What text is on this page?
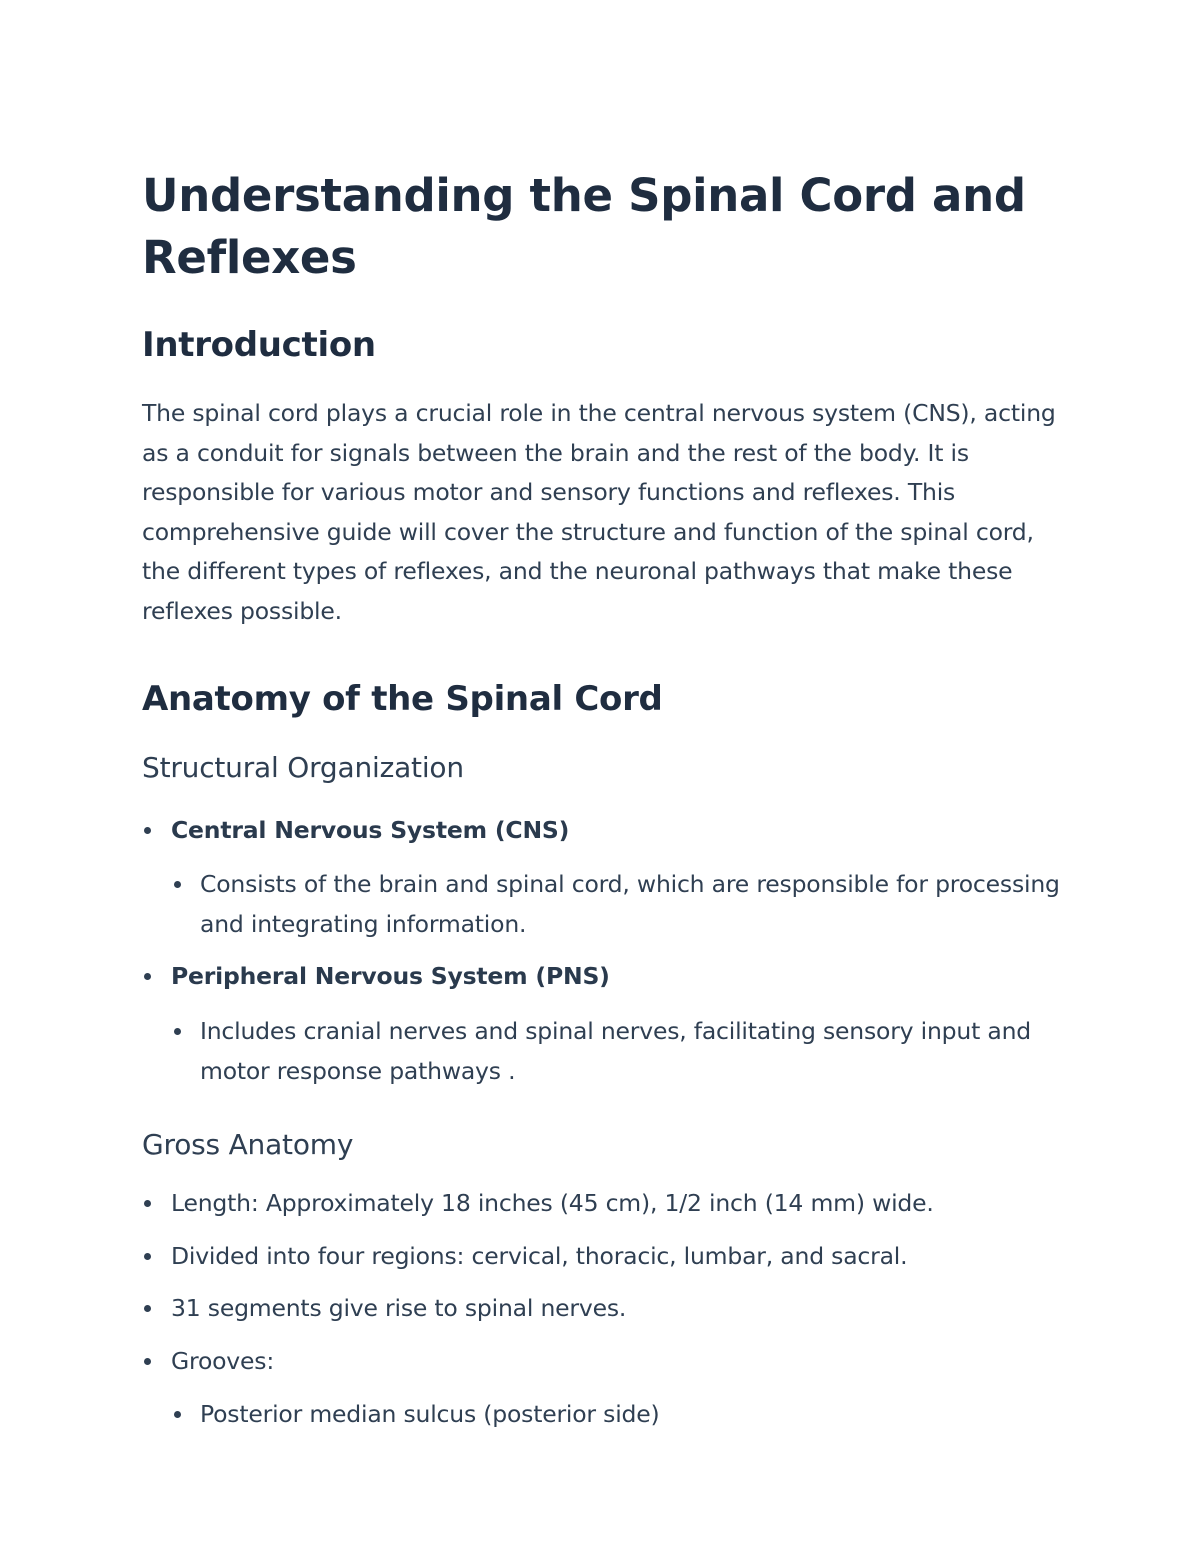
Understanding the Spinal Cord and Reflexes
Introduction

The spinal cord plays a crucial role in the central nervous system (CNS), acting as a conduit for signals between the brain and the rest of the body. It is responsible for various motor and sensory functions and reflexes. This comprehensive guide will cover the structure and function of the spinal cord, the different types of reflexes, and the neuronal pathways that make these reflexes possible.

Anatomy of the Spinal Cord
Structural Organization
Central Nervous System (CNS)
Consists of the brain and spinal cord, which are responsible for processing and integrating information.
Peripheral Nervous System (PNS)
Includes cranial nerves and spinal nerves, facilitating sensory input and motor response pathways .
Gross Anatomy
Length: Approximately 18 inches (45 cm), 1/2 inch (14 mm) wide.
Divided into four regions: cervical, thoracic, lumbar, and sacral.
31 segments give rise to spinal nerves.
Grooves:
Posterior median sulcus (posterior side)
